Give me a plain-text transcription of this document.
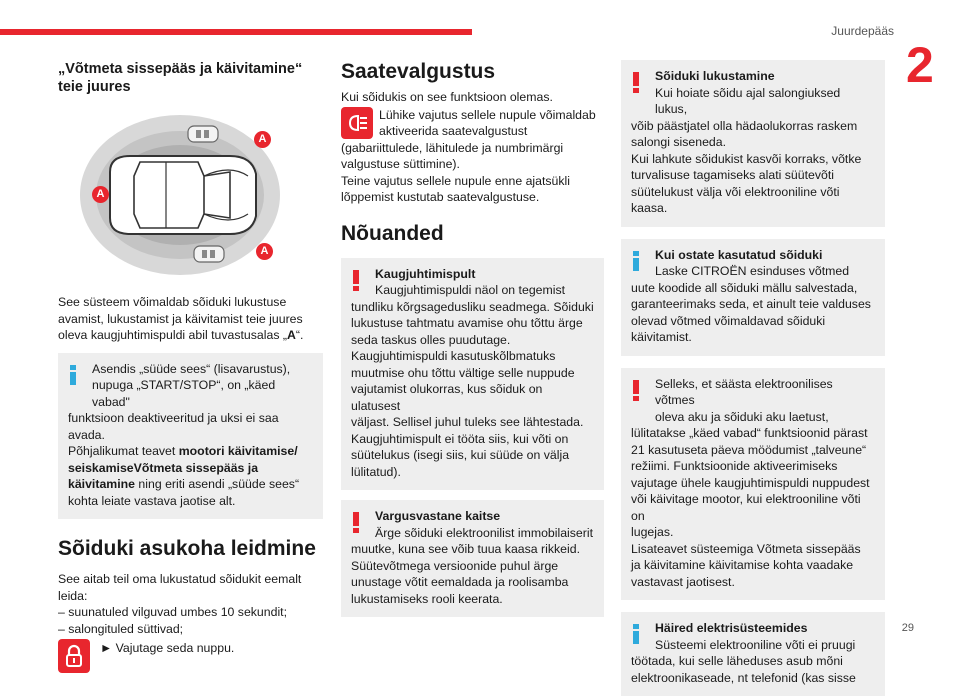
Juurdepääs
2
29
„Võtmeta sissepääs ja käivitamine“
teie juures
A
A
A

See süsteem võimaldab sõiduki lukustuse

avamist, lukustamist ja käivitamist teie juures

oleva kaugjuhtimispuldi abil tuvastusalas „A“.

Asendis „süüde sees“ (lisavarustus),
nupuga „START/STOP“, on „käed vabad"
funktsioon deaktiveeritud ja uksi ei saa avada.
Põhjalikumat teavet mootori käivitamise/
seiskamiseVõtmeta sissepääs ja
käivitamine ning eriti asendi „süüde sees“
kohta leiate vastava jaotise alt.
Sõiduki asukoha leidmine

See aitab teil oma lukustatud sõidukit eemalt

leida:

– suunatuled vilguvad umbes 10 sekundit;

– salongituled süttivad;

► Vajutage seda nuppu.
Saatevalgustus

Kui sõidukis on see funktsioon olemas.

Lühike vajutus sellele nupule võimaldab

aktiveerida saatevalgustust

(gabariittulede, lähitulede ja numbrimärgi

valgustuse süttimine).

Teine vajutus sellele nupule enne ajatsükli

lõppemist kustutab saatevalgustuse.

Nõuanded
Kaugjuhtimispult
Kaugjuhtimispuldi näol on tegemist
tundliku kõrgsagedusliku seadmega. Sõiduki
lukustuse tahtmatu avamise ohu tõttu ärge
seda taskus olles puudutage.
Kaugjuhtimispuldi kasutuskõlbmatuks
muutmise ohu tõttu vältige selle nuppude
vajutamist olukorras, kus sõiduk on ulatusest
väljast. Sellisel juhul tuleks see lähtestada.
Kaugjuhtimispult ei tööta siis, kui võti on
süütelukus (isegi siis, kui süüde on välja
lülitatud).
Vargusvastane kaitse
Ärge sõiduki elektroonilist immobilaiserit
muutke, kuna see võib tuua kaasa rikkeid.
Süütevõtmega versioonide puhul ärge
unustage võtit eemaldada ja roolisamba
lukustamiseks rooli keerata.
Sõiduki lukustamine
Kui hoiate sõidu ajal salongiuksed lukus,
võib päästjatel olla hädaolukorras raskem
salongi siseneda.
Kui lahkute sõidukist kasvõi korraks, võtke
turvalisuse tagamiseks alati süütevõti
süütelukust välja või elektrooniline võti kaasa.
Kui ostate kasutatud sõiduki
Laske CITROËN esinduses võtmed
uute koodide all sõiduki mällu salvestada,
garanteerimaks seda, et ainult teie valduses
olevad võtmed võimaldavad sõiduki
käivitamist.
Selleks, et säästa elektroonilises võtmes
oleva aku ja sõiduki aku laetust,
lülitatakse „käed vabad“ funktsioonid pärast
21 kasutuseta päeva möödumist „talveune“
režiimi. Funktsioonide aktiveerimiseks
vajutage ühele kaugjuhtimispuldi nuppudest
või käivitage mootor, kui elektrooniline võti on
lugejas.
Lisateavet süsteemiga Võtmeta sissepääs
ja käivitamine käivitamise kohta vaadake
vastavast jaotisest.
Häired elektrisüsteemides
Süsteemi elektrooniline võti ei pruugi
töötada, kui selle läheduses asub mõni
elektroonikaseade, nt telefonid (kas sisse
